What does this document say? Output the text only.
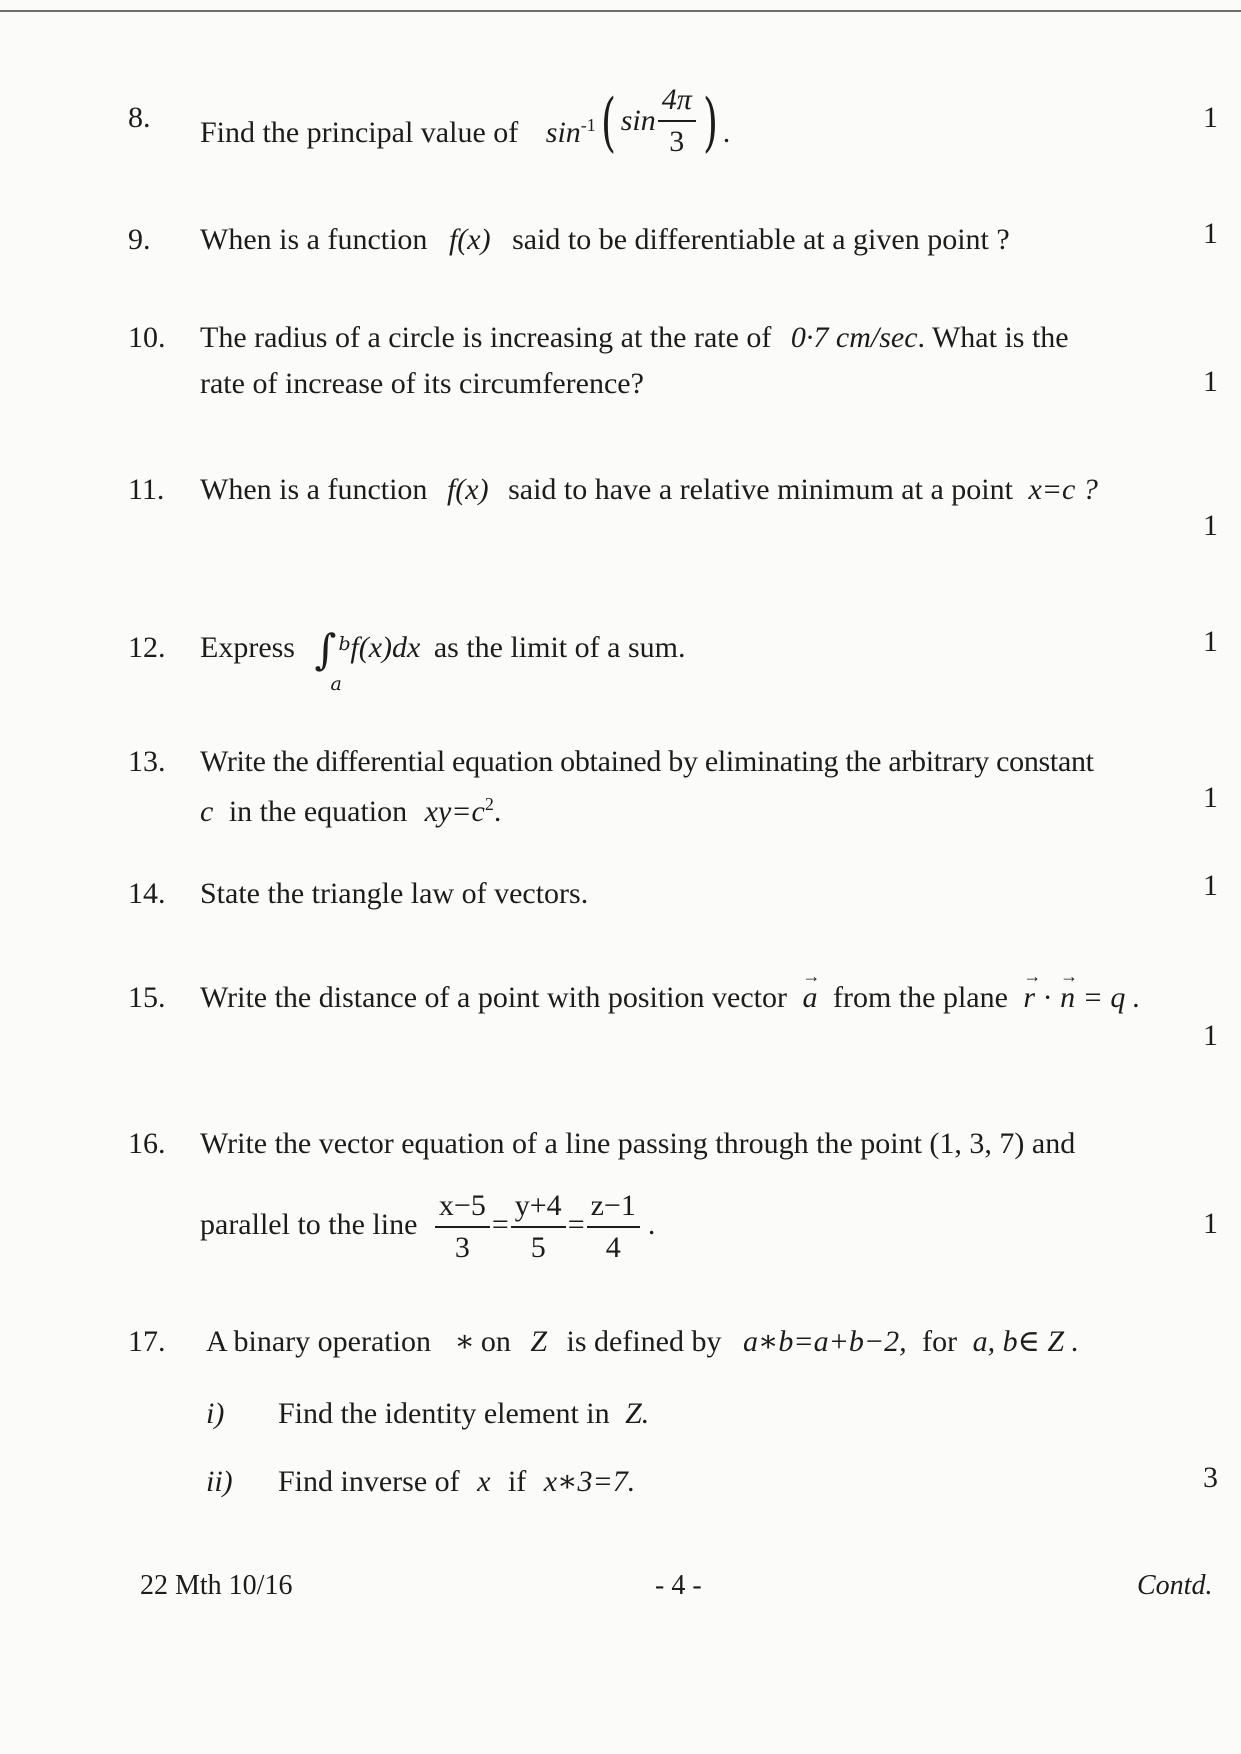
8. Find the principal value of $\sin^{-1}$( $\sin \frac{4\pi}{3}$ ) .	1
9. When is a function f(x) said to be differentiable at a given point ?	1
10. The radius of a circle is increasing at the rate of 0·7 cm/sec. What is the
rate of increase of its circumference?	1
11. When is a function f(x) said to have a relative minimum at a point x=c ?
1
12. Express ∫ b
a
f(x)dx as the limit of a sum.	1
13. Write the differential equation obtained by eliminating the arbitrary constant
c in the equation $xy=c^2$.	1
14. State the triangle law of vectors.	1
15. Write the distance of a point with position vector a → from the plane r → · n → = q .
1
16. Write the vector equation of a line passing through the point (1, 3, 7) and
parallel to the line $\frac{x-5}{3} = \frac{y+4}{5} = \frac{z-1}{4}$ .	1
17. A binary operation ∗ on Z is defined by a∗b=a+b−2, for a, b∈ Z .
i) Find the identity element in Z.
ii) Find inverse of x if x∗3=7.	3
22 Mth 10/16	- 4 -	Contd.
